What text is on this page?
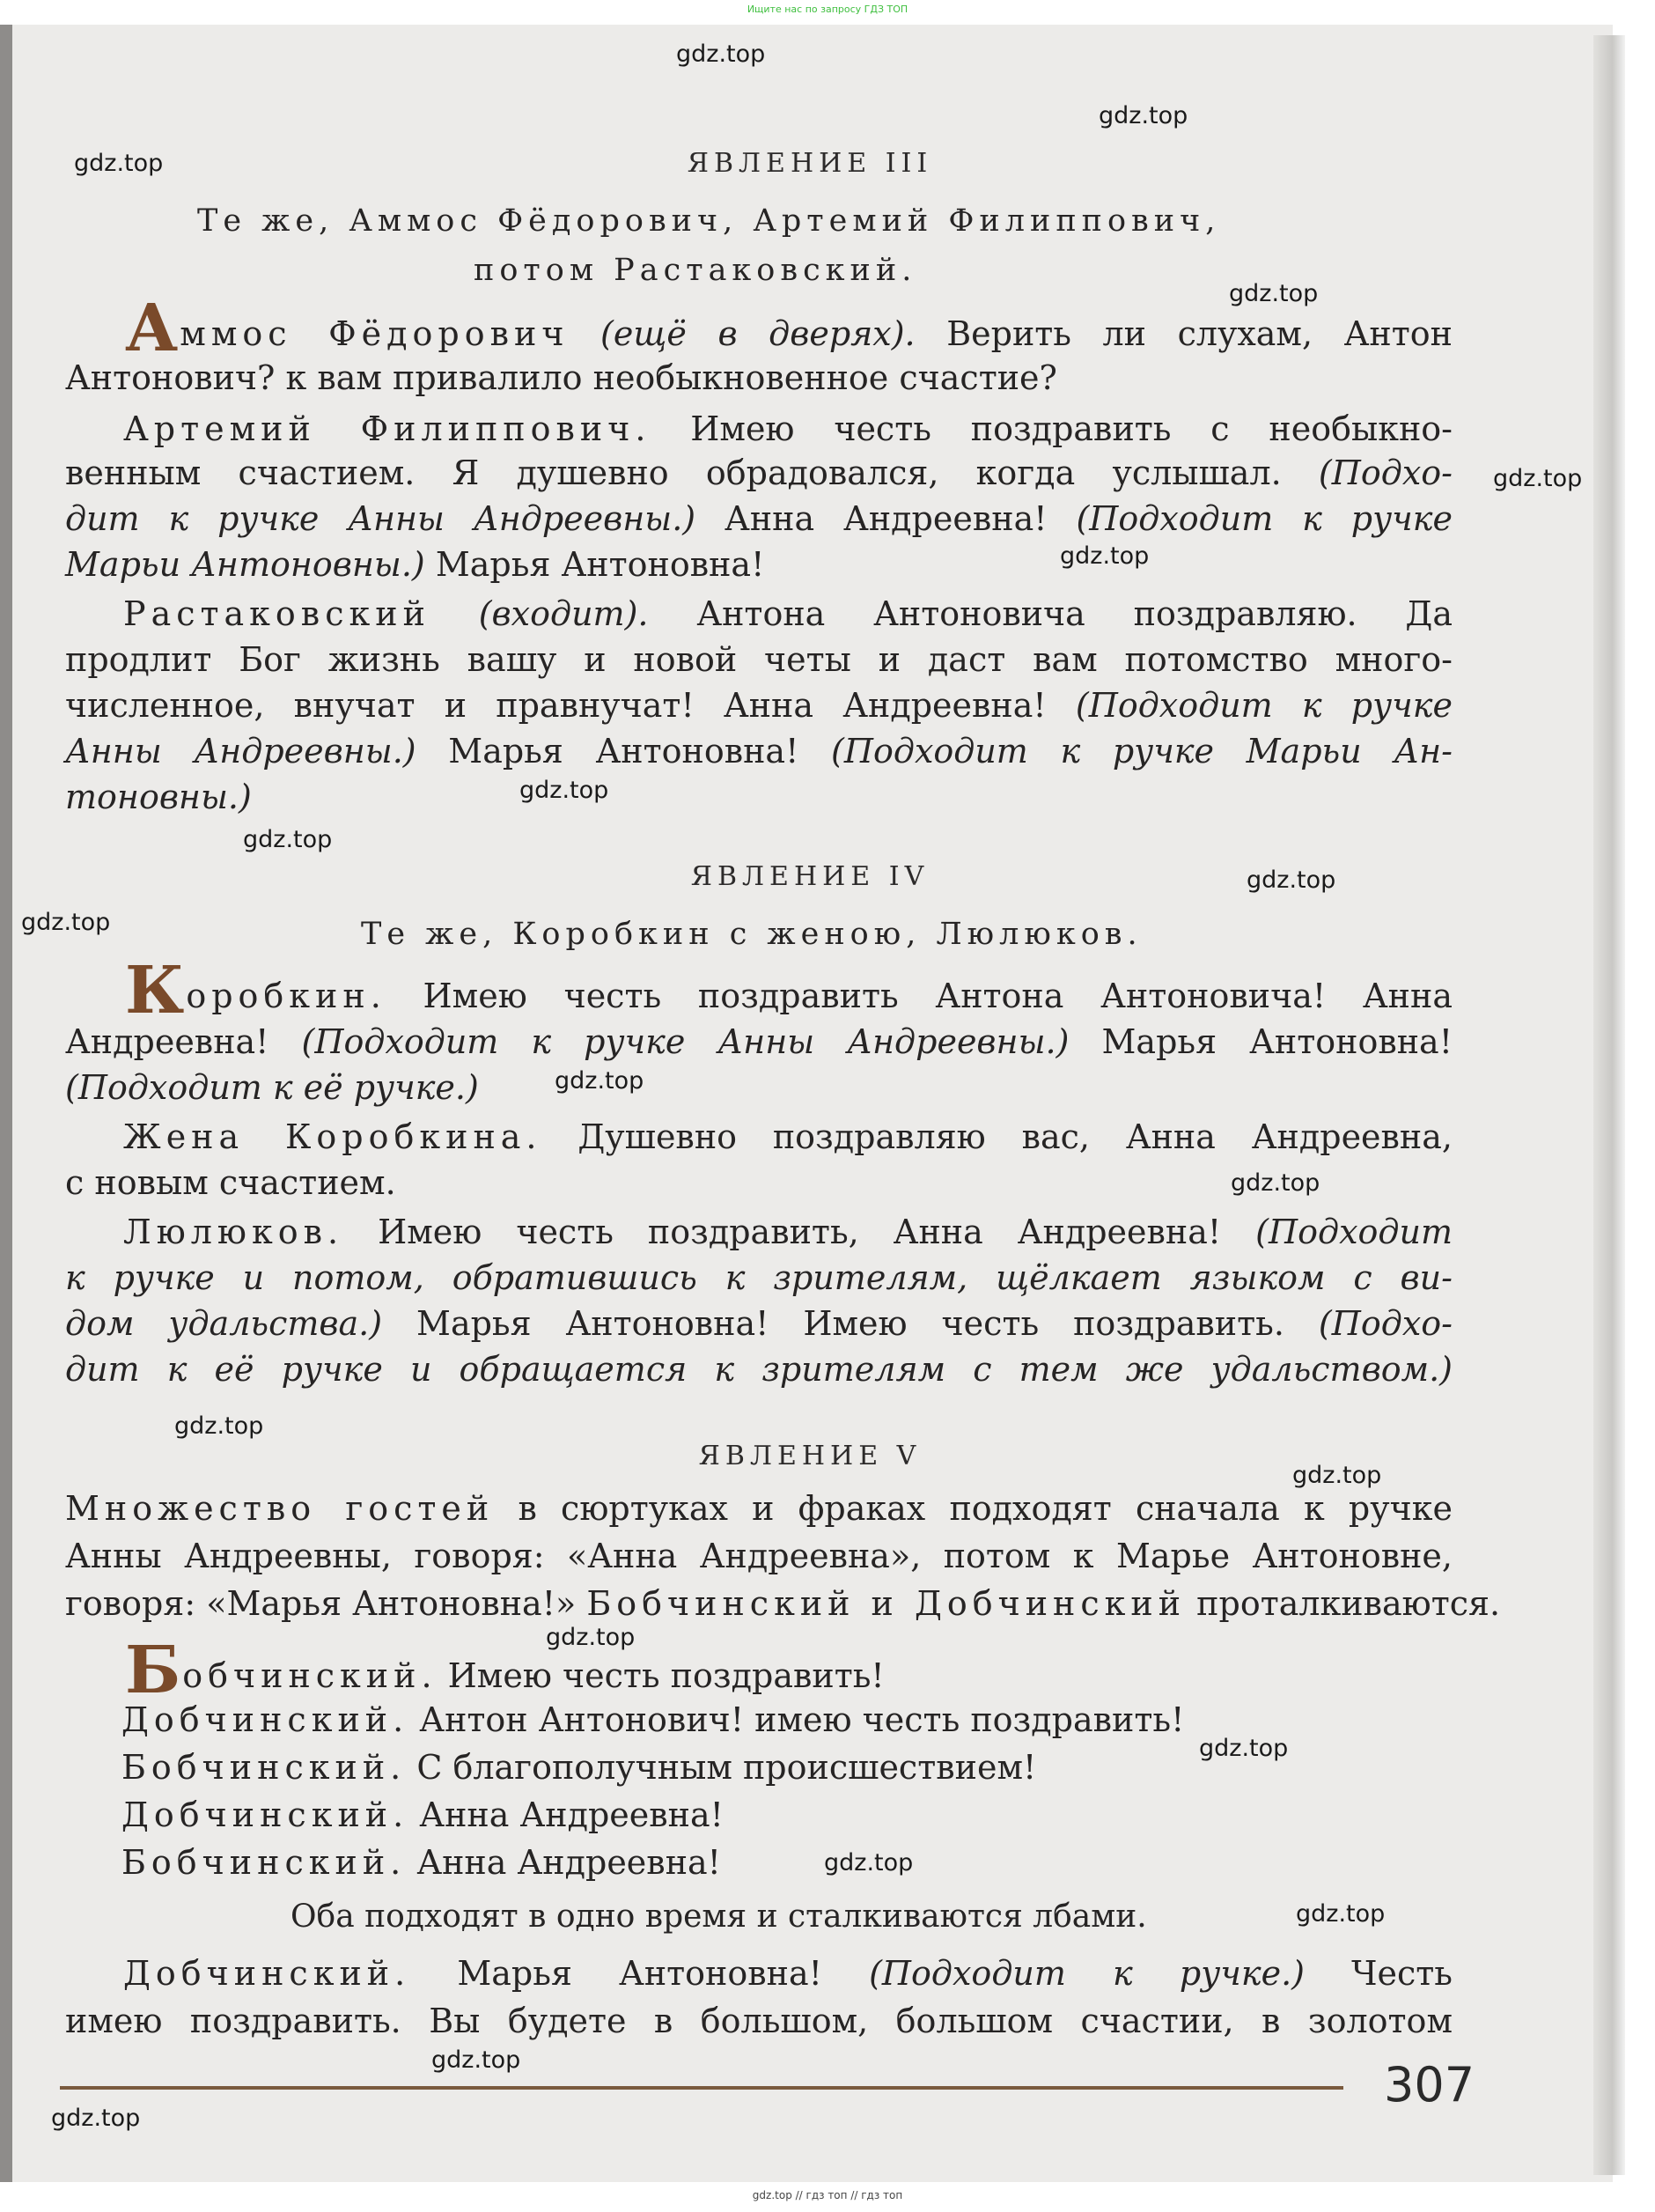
Ищите нас по запросу ГДЗ ТОП
gdz.top
gdz.top
gdz.top
gdz.top
gdz.top
gdz.top
gdz.top
gdz.top
gdz.top
gdz.top
gdz.top
gdz.top
gdz.top
gdz.top
gdz.top
gdz.top
gdz.top
gdz.top
gdz.top
gdz.top
ЯВЛЕНИЕ III
Те же, Аммос Фёдорович, Артемий Филиппович,
потом Растаковский.
Аммос Фёдорович (ещё в дверях). Верить ли слухам, Антон
Антонович? к вам привалило необыкновенное счастие?
Артемий Филиппович. Имею честь поздравить с необыкно-
венным счастием. Я душевно обрадовался, когда услышал. (Подхо-
дит к ручке Анны Андреевны.) Анна Андреевна! (Подходит к ручке
Марьи Антоновны.) Марья Антоновна!
Растаковский (входит). Антона Антоновича поздравляю. Да
продлит Бог жизнь вашу и новой четы и даст вам потомство много-
численное, внучат и правнучат! Анна Андреевна! (Подходит к ручке
Анны Андреевны.) Марья Антоновна! (Подходит к ручке Марьи Ан-
тоновны.)
ЯВЛЕНИЕ IV
Те же, Коробкин с женою, Люлюков.
Коробкин. Имею честь поздравить Антона Антоновича! Анна
Андреевна! (Подходит к ручке Анны Андреевны.) Марья Антоновна!
(Подходит к её ручке.)
Жена Коробкина. Душевно поздравляю вас, Анна Андреевна,
с новым счастием.
Люлюков. Имею честь поздравить, Анна Андреевна! (Подходит
к ручке и потом, обратившись к зрителям, щёлкает языком с ви-
дом удальства.) Марья Антоновна! Имею честь поздравить. (Подхо-
дит к её ручке и обращается к зрителям с тем же удальством.)
ЯВЛЕНИЕ V
Множество гостей в сюртуках и фраках подходят сначала к ручке
Анны Андреевны, говоря: «Анна Андреевна», потом к Марье Антоновне,
говоря: «Марья Антоновна!» Бобчинский и Добчинский проталкиваются.
Бобчинский. Имею честь поздравить!
Добчинский. Антон Антонович! имею честь поздравить!
Бобчинский. С благополучным происшествием!
Добчинский. Анна Андреевна!
Бобчинский. Анна Андреевна!
Оба подходят в одно время и сталкиваются лбами.
Добчинский. Марья Антоновна! (Подходит к ручке.) Честь
имею поздравить. Вы будете в большом, большом счастии, в золотом
307
gdz.top // гдз топ // гдз топ
